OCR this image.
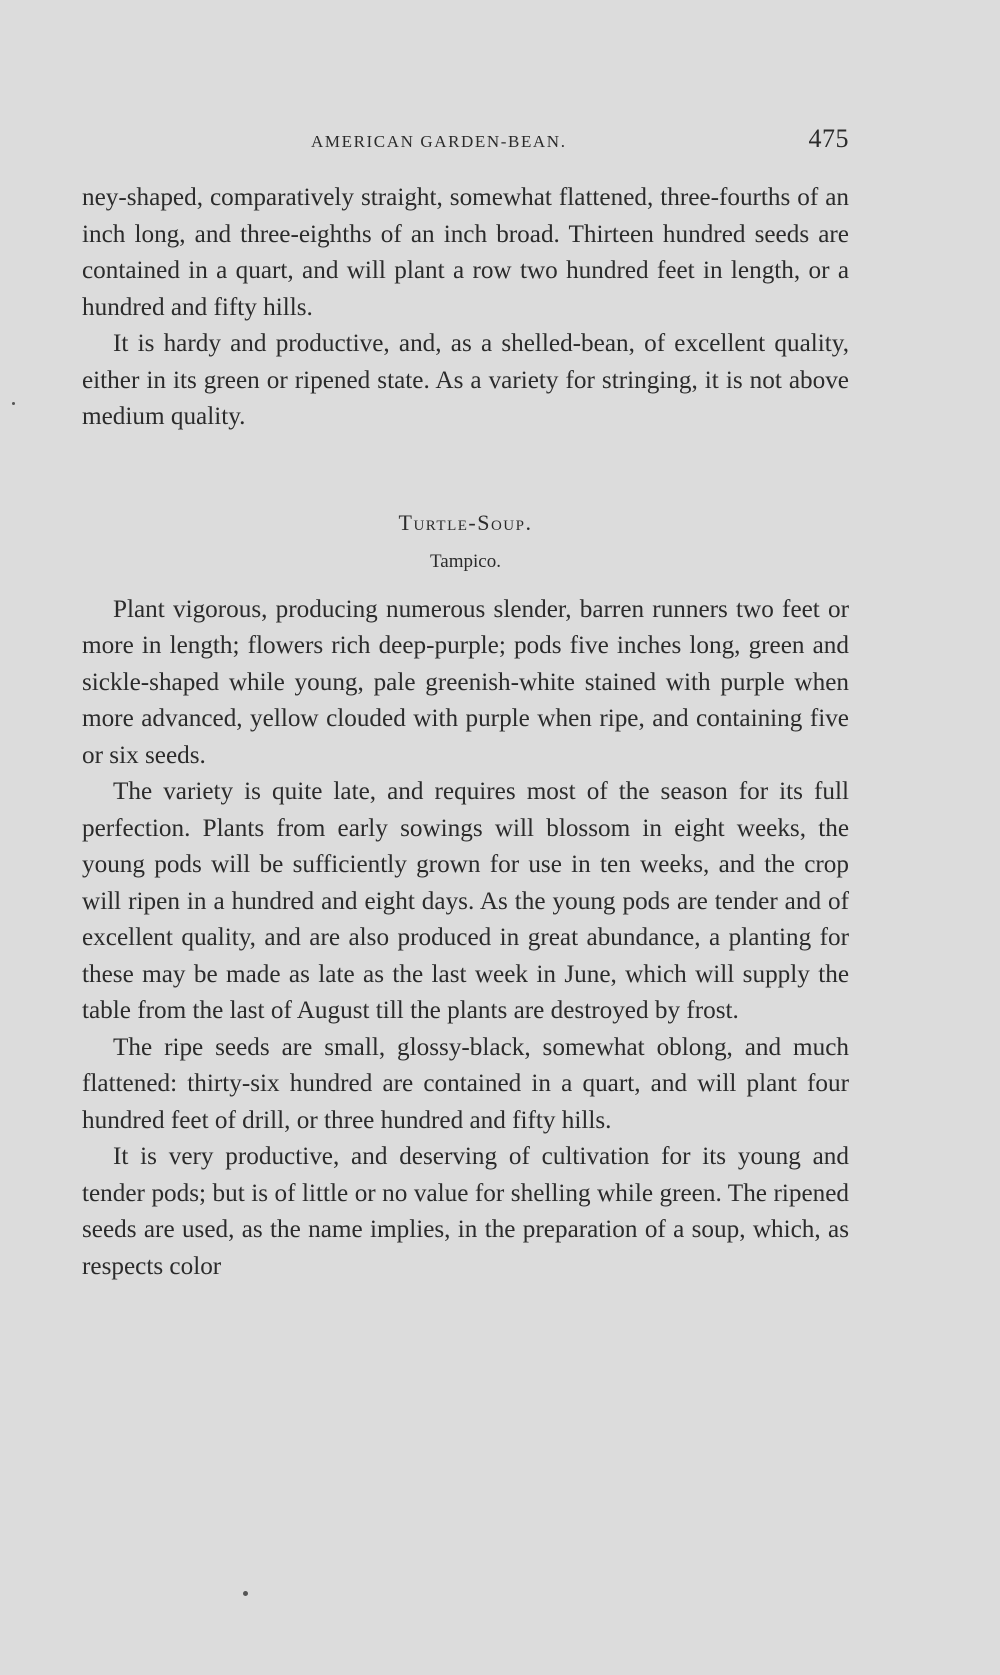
AMERICAN GARDEN-BEAN.	475

ney-shaped, comparatively straight, somewhat flattened, three-fourths of an inch long, and three-eighths of an inch broad. Thirteen hundred seeds are contained in a quart, and will plant a row two hundred feet in length, or a hundred and fifty hills.

It is hardy and productive, and, as a shelled-bean, of excellent quality, either in its green or ripened state. As a variety for stringing, it is not above medium quality.

Turtle-Soup.
Tampico.

Plant vigorous, producing numerous slender, barren runners two feet or more in length; flowers rich deep-purple; pods five inches long, green and sickle-shaped while young, pale greenish-white stained with purple when more advanced, yellow clouded with purple when ripe, and containing five or six seeds.

The variety is quite late, and requires most of the season for its full perfection. Plants from early sowings will blossom in eight weeks, the young pods will be sufficiently grown for use in ten weeks, and the crop will ripen in a hundred and eight days. As the young pods are tender and of excellent quality, and are also produced in great abundance, a planting for these may be made as late as the last week in June, which will supply the table from the last of August till the plants are destroyed by frost.

The ripe seeds are small, glossy-black, somewhat oblong, and much flattened: thirty-six hundred are contained in a quart, and will plant four hundred feet of drill, or three hundred and fifty hills.

It is very productive, and deserving of cultivation for its young and tender pods; but is of little or no value for shelling while green. The ripened seeds are used, as the name implies, in the preparation of a soup, which, as respects color
